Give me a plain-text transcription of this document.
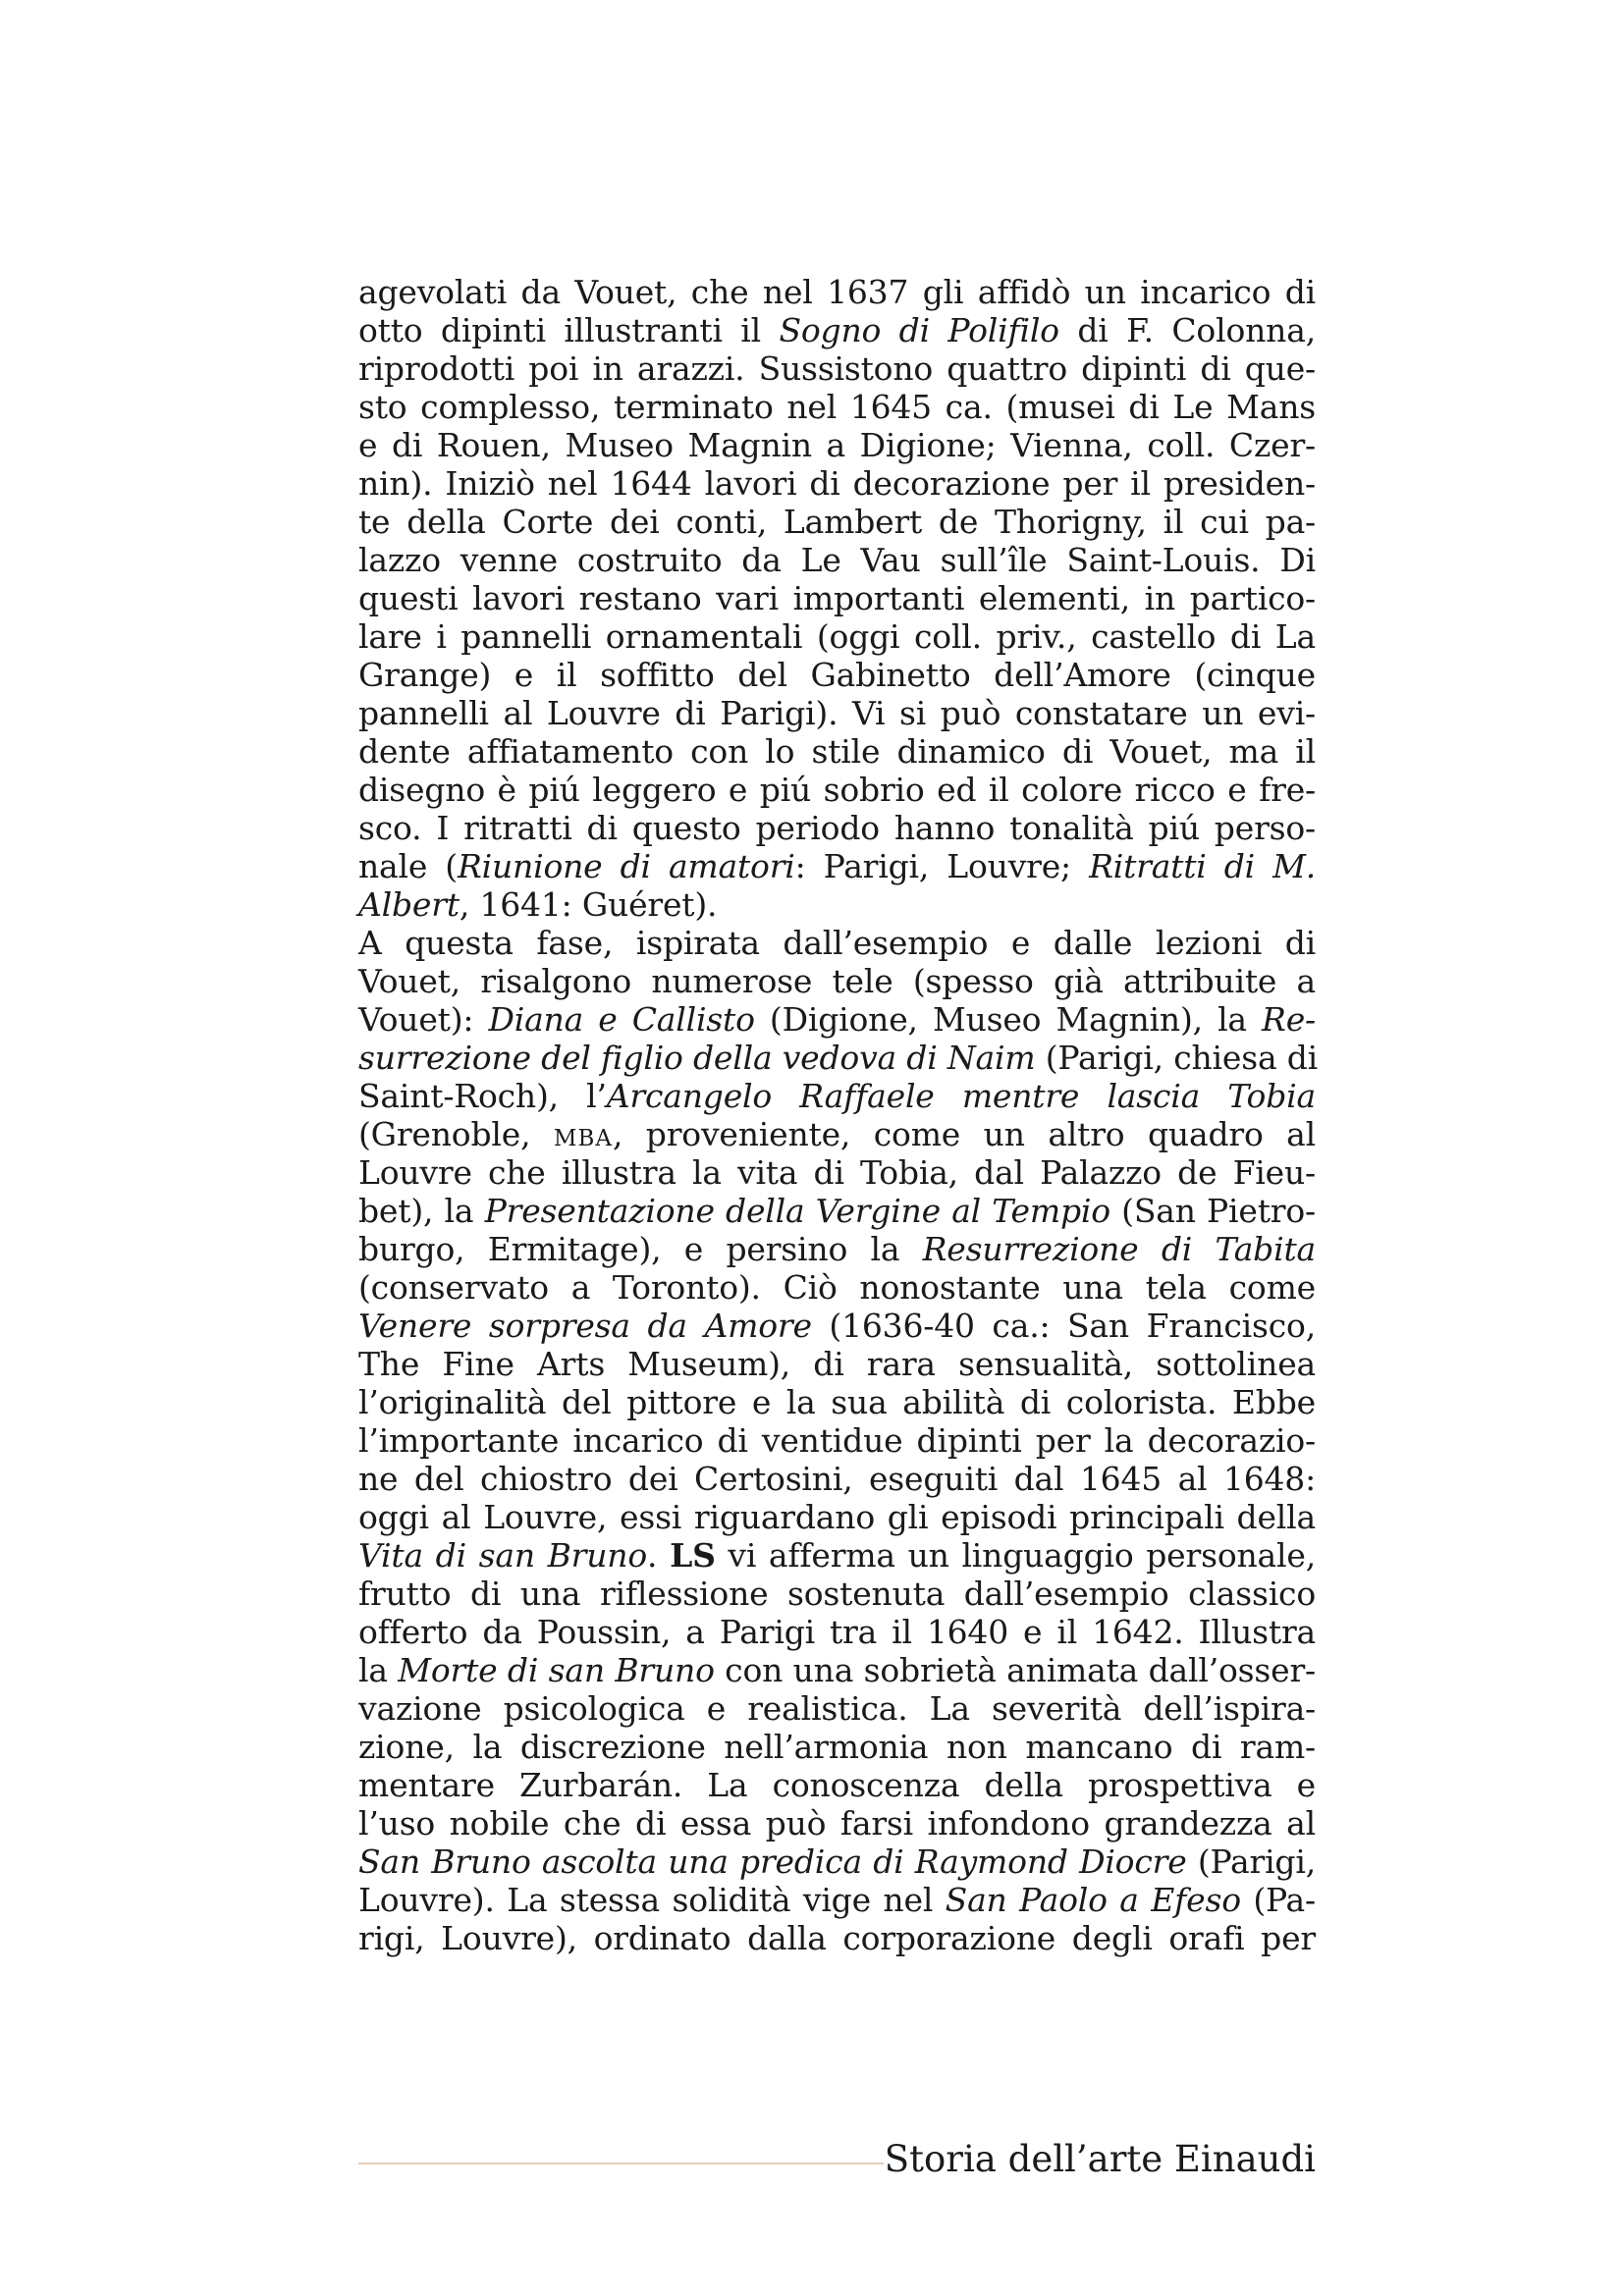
agevolati da Vouet, che nel 1637 gli affidò un incarico di
otto dipinti illustranti il Sogno di Polifilo di F. Colonna,
riprodotti poi in arazzi. Sussistono quattro dipinti di que-
sto complesso, terminato nel 1645 ca. (musei di Le Mans
e di Rouen, Museo Magnin a Digione; Vienna, coll. Czer-
nin). Iniziò nel 1644 lavori di decorazione per il presiden-
te della Corte dei conti, Lambert de Thorigny, il cui pa-
lazzo venne costruito da Le Vau sull’île Saint-Louis. Di
questi lavori restano vari importanti elementi, in partico-
lare i pannelli ornamentali (oggi coll. priv., castello di La
Grange) e il soffitto del Gabinetto dell’Amore (cinque
pannelli al Louvre di Parigi). Vi si può constatare un evi-
dente affiatamento con lo stile dinamico di Vouet, ma il
disegno è piú leggero e piú sobrio ed il colore ricco e fre-
sco. I ritratti di questo periodo hanno tonalità piú perso-
nale (Riunione di amatori: Parigi, Louvre; Ritratti di M.
Albert, 1641: Guéret).
A questa fase, ispirata dall’esempio e dalle lezioni di
Vouet, risalgono numerose tele (spesso già attribuite a
Vouet): Diana e Callisto (Digione, Museo Magnin), la Re-
surrezione del figlio della vedova di Naim (Parigi, chiesa di
Saint-Roch), l’Arcangelo Raffaele mentre lascia Tobia
(Grenoble, mba, proveniente, come un altro quadro al
Louvre che illustra la vita di Tobia, dal Palazzo de Fieu-
bet), la Presentazione della Vergine al Tempio (San Pietro-
burgo, Ermitage), e persino la Resurrezione di Tabita
(conservato a Toronto). Ciò nonostante una tela come
Venere sorpresa da Amore (1636-40 ca.: San Francisco,
The Fine Arts Museum), di rara sensualità, sottolinea
l’originalità del pittore e la sua abilità di colorista. Ebbe
l’importante incarico di ventidue dipinti per la decorazio-
ne del chiostro dei Certosini, eseguiti dal 1645 al 1648:
oggi al Louvre, essi riguardano gli episodi principali della
Vita di san Bruno. LS vi afferma un linguaggio personale,
frutto di una riflessione sostenuta dall’esempio classico
offerto da Poussin, a Parigi tra il 1640 e il 1642. Illustra
la Morte di san Bruno con una sobrietà animata dall’osser-
vazione psicologica e realistica. La severità dell’ispira-
zione, la discrezione nell’armonia non mancano di ram-
mentare Zurbarán. La conoscenza della prospettiva e
l’uso nobile che di essa può farsi infondono grandezza al
San Bruno ascolta una predica di Raymond Diocre (Parigi,
Louvre). La stessa solidità vige nel San Paolo a Efeso (Pa-
rigi, Louvre), ordinato dalla corporazione degli orafi per
Storia dell’arte Einaudi
